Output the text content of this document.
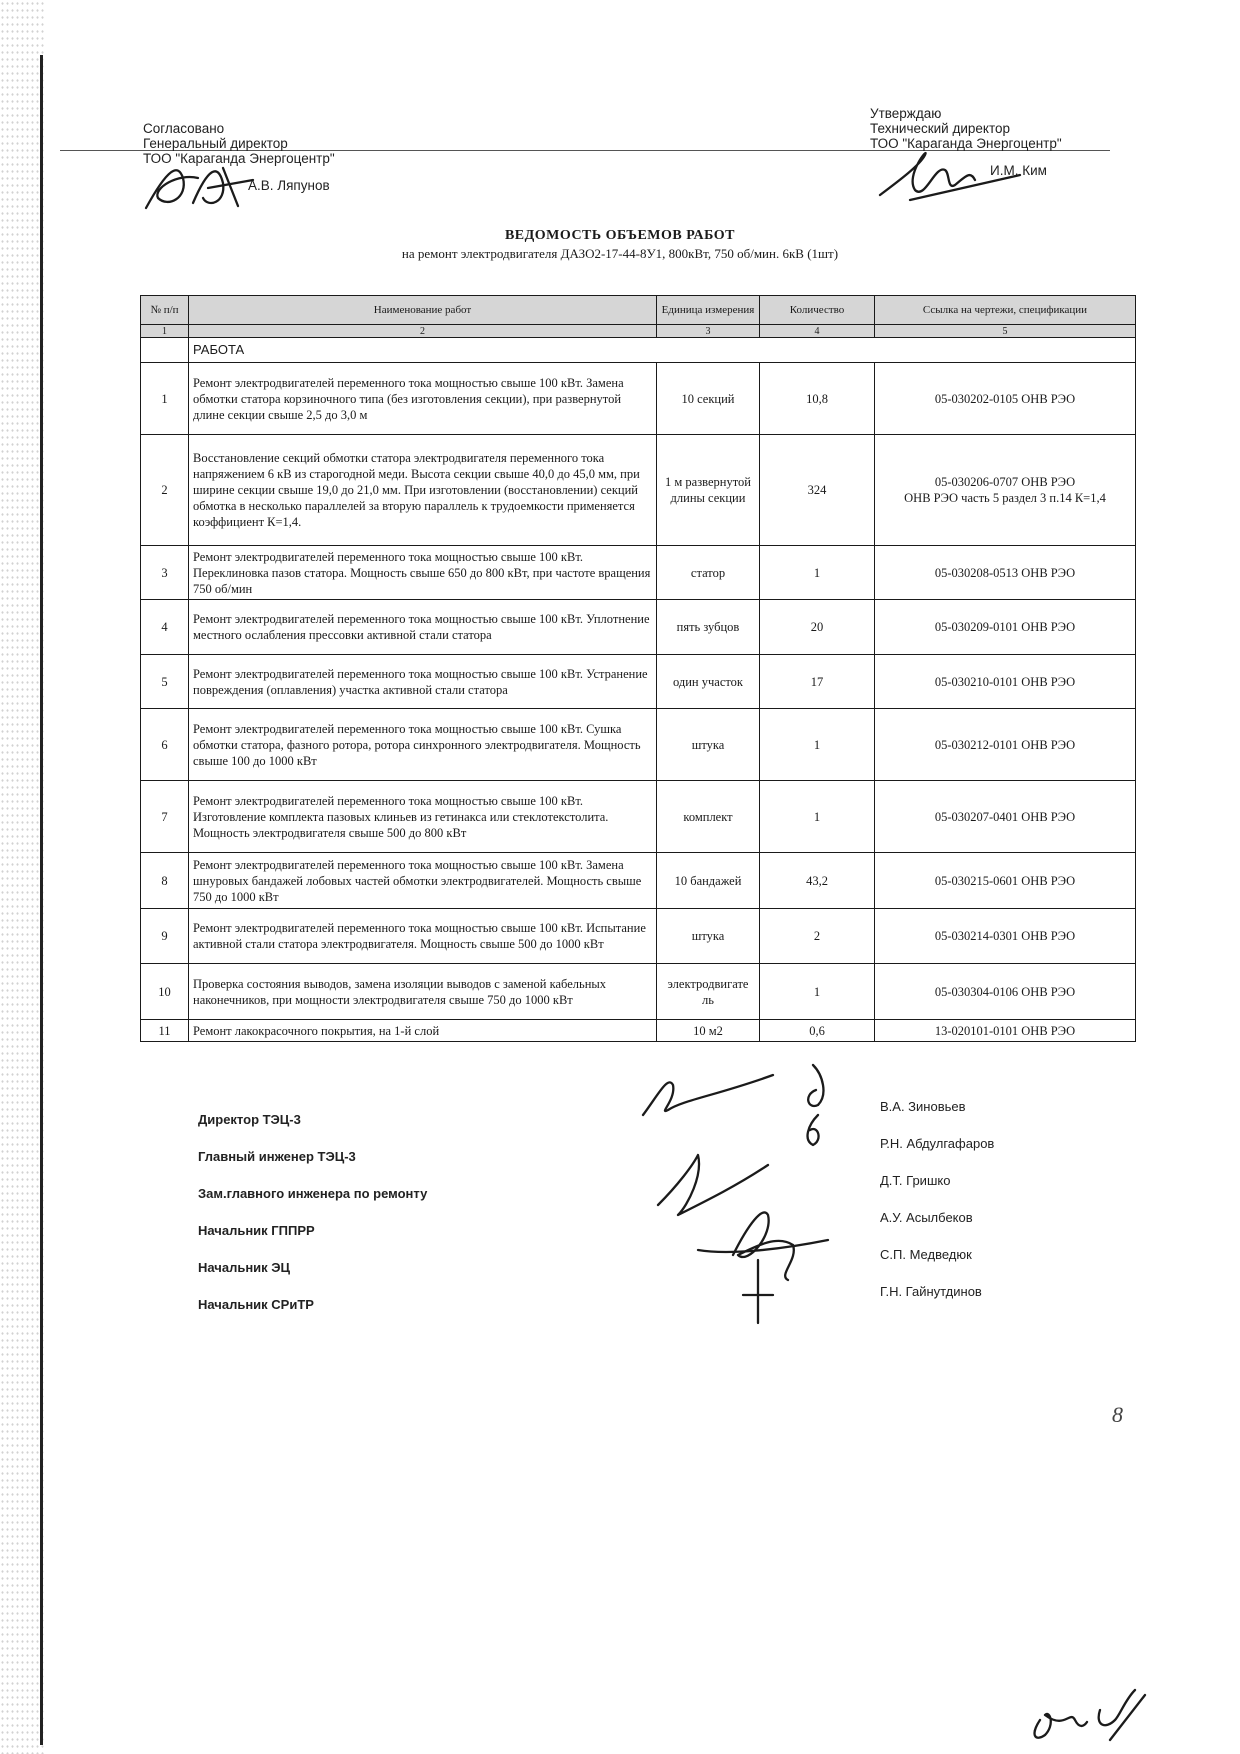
Согласовано
Генеральный директор
ТОО "Караганда Энергоцентр"
А.В. Ляпунов
Утверждаю
Технический директор
ТОО "Караганда Энергоцентр"
И.М. Ким
ВЕДОМОСТЬ ОБЪЕМОВ РАБОТ
на ремонт электродвигателя ДАЗО2-17-44-8У1, 800кВт, 750 об/мин. 6кВ (1шт)
№ п/п	Наименование работ	Единица измерения	Количество	Ссылка на чертежи, спецификации
1	2	3	4	5
	РАБОТА			
1	Ремонт электродвигателей переменного тока мощностью свыше 100 кВт. Замена обмотки статора корзиночного типа (без изготовления секции), при развернутой длине секции свыше 2,5 до 3,0 м	10 секций	10,8	05-030202-0105 ОНВ РЭО

2	Восстановление секций обмотки статора электродвигателя переменного тока напряжением 6 кВ из старогодной меди. Высота секции свыше 40,0 до 45,0 мм, при ширине секции свыше 19,0 до 21,0 мм. При изготовлении (восстановлении) секций обмотка в несколько параллелей за вторую параллель к трудоемкости применяется коэффициент К=1,4.	1 м развернутой длины секции	324	05-030206-0707 ОНВ РЭО
ОНВ РЭО часть 5 раздел 3 п.14 К=1,4

3	Ремонт электродвигателей переменного тока мощностью свыше 100 кВт. Переклиновка пазов статора. Мощность свыше 650 до 800 кВт, при частоте вращения 750 об/мин	статор	1	05-030208-0513 ОНВ РЭО

4	Ремонт электродвигателей переменного тока мощностью свыше 100 кВт. Уплотнение местного ослабления прессовки активной стали статора	пять зубцов	20	05-030209-0101 ОНВ РЭО

5	Ремонт электродвигателей переменного тока мощностью свыше 100 кВт. Устранение повреждения (оплавления) участка активной стали статора	один участок	17	05-030210-0101 ОНВ РЭО

6	Ремонт электродвигателей переменного тока мощностью свыше 100 кВт. Сушка обмотки статора, фазного ротора, ротора синхронного электродвигателя. Мощность свыше 100 до 1000 кВт	штука	1	05-030212-0101 ОНВ РЭО

7	Ремонт электродвигателей переменного тока мощностью свыше 100 кВт. Изготовление комплекта пазовых клиньев из гетинакса или стеклотекстолита. Мощность электродвигателя свыше 500 до 800 кВт	комплект	1	05-030207-0401 ОНВ РЭО

8	Ремонт электродвигателей переменного тока мощностью свыше 100 кВт. Замена шнуровых бандажей лобовых частей обмотки электродвигателей. Мощность свыше 750 до 1000 кВт	10 бандажей	43,2	05-030215-0601 ОНВ РЭО

9	Ремонт электродвигателей переменного тока мощностью свыше 100 кВт. Испытание активной стали статора электродвигателя. Мощность свыше 500 до 1000 кВт	штука	2	05-030214-0301 ОНВ РЭО

10	Проверка состояния выводов, замена изоляции выводов с заменой кабельных наконечников, при мощности электродвигателя свыше 750 до 1000 кВт	электродвигате ль	1	05-030304-0106 ОНВ РЭО

11	Ремонт лакокрасочного покрытия, на 1-й слой	10 м2	0,6	13-020101-0101 ОНВ РЭО
Директор ТЭЦ-3
Главный инженер ТЭЦ-3
Зам.главного инженера по ремонту
Начальник ГППРР
Начальник ЭЦ
Начальник СРиТР
В.А. Зиновьев
Р.Н. Абдулгафаров
Д.Т. Гришко
А.У. Асылбеков
С.П. Медведюк
Г.Н. Гайнутдинов
8
